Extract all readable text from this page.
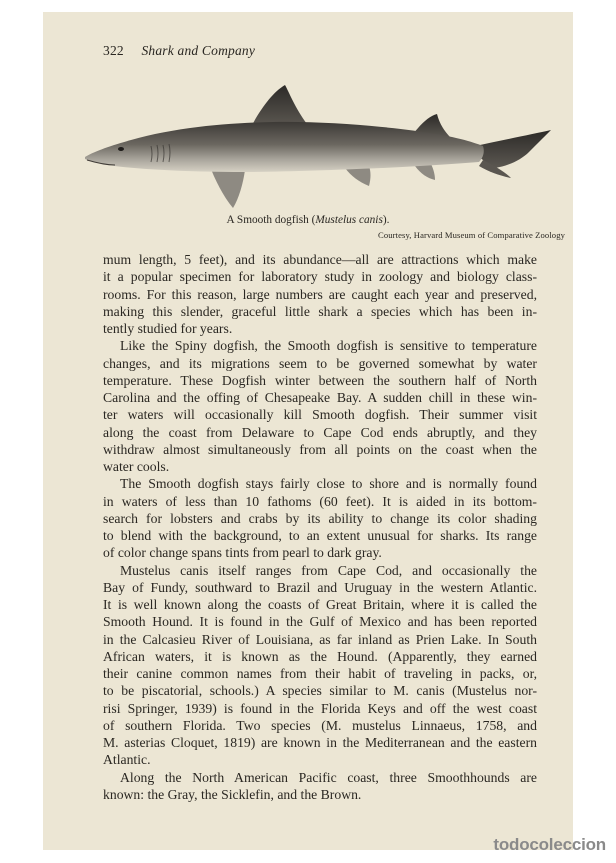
322 Shark and Company
A Smooth dogfish (Mustelus canis).
Courtesy, Harvard Museum of Comparative Zoology

mum length, 5 feet), and its abundance—all are attractions which make

it a popular specimen for laboratory study in zoology and biology class-

rooms. For this reason, large numbers are caught each year and preserved,

making this slender, graceful little shark a species which has been in-

tently studied for years.

Like the Spiny dogfish, the Smooth dogfish is sensitive to temperature

changes, and its migrations seem to be governed somewhat by water

temperature. These Dogfish winter between the southern half of North

Carolina and the offing of Chesapeake Bay. A sudden chill in these win-

ter waters will occasionally kill Smooth dogfish. Their summer visit

along the coast from Delaware to Cape Cod ends abruptly, and they

withdraw almost simultaneously from all points on the coast when the

water cools.

The Smooth dogfish stays fairly close to shore and is normally found

in waters of less than 10 fathoms (60 feet). It is aided in its bottom-

search for lobsters and crabs by its ability to change its color shading

to blend with the background, to an extent unusual for sharks. Its range

of color change spans tints from pearl to dark gray.

Mustelus canis itself ranges from Cape Cod, and occasionally the

Bay of Fundy, southward to Brazil and Uruguay in the western Atlantic.

It is well known along the coasts of Great Britain, where it is called the

Smooth Hound. It is found in the Gulf of Mexico and has been reported

in the Calcasieu River of Louisiana, as far inland as Prien Lake. In South

African waters, it is known as the Hound. (Apparently, they earned

their canine common names from their habit of traveling in packs, or,

to be piscatorial, schools.) A species similar to M. canis (Mustelus nor-

risi Springer, 1939) is found in the Florida Keys and off the west coast

of southern Florida. Two species (M. mustelus Linnaeus, 1758, and

M. asterias Cloquet, 1819) are known in the Mediterranean and the eastern

Atlantic.

Along the North American Pacific coast, three Smoothhounds are

known: the Gray, the Sicklefin, and the Brown.

todocoleccion
